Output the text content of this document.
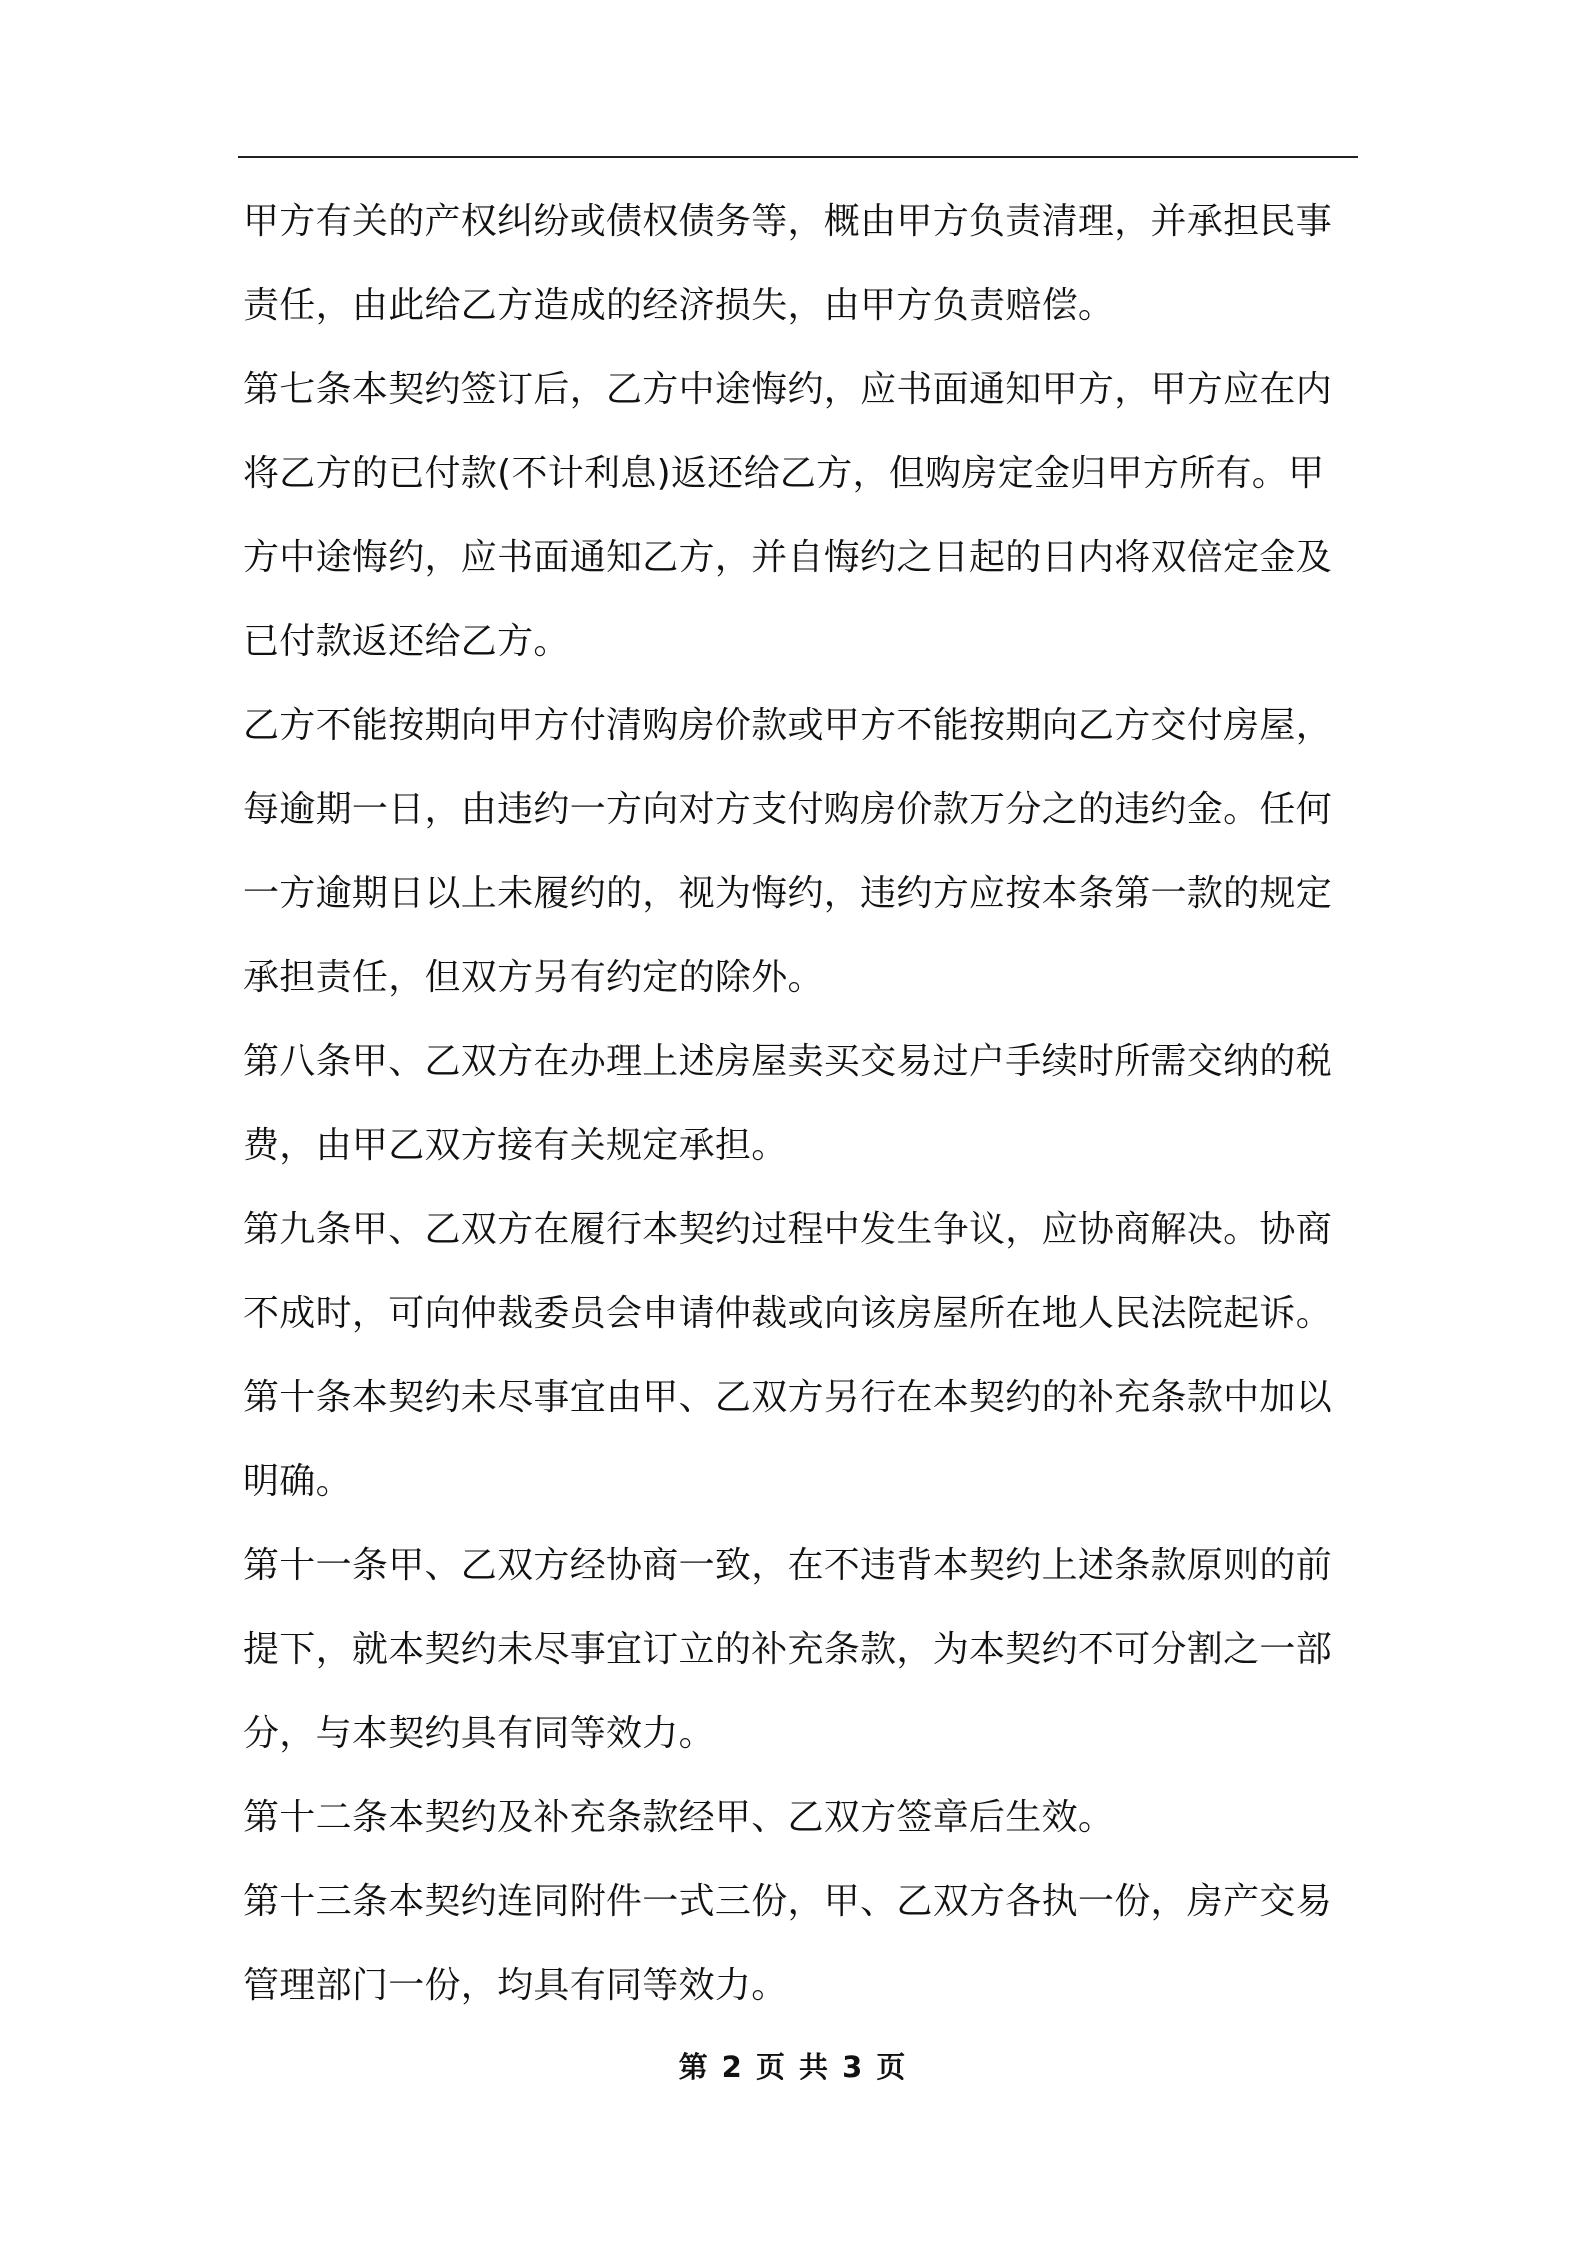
甲方有关的产权纠纷或债权债务等，概由甲方负责清理，并承担民事
责任，由此给乙方造成的经济损失，由甲方负责赔偿。
第七条本契约签订后，乙方中途悔约，应书面通知甲方，甲方应在内
将乙方的已付款(不计利息)返还给乙方，但购房定金归甲方所有。甲
方中途悔约，应书面通知乙方，并自悔约之日起的日内将双倍定金及
已付款返还给乙方。
乙方不能按期向甲方付清购房价款或甲方不能按期向乙方交付房屋，
每逾期一日，由违约一方向对方支付购房价款万分之的违约金。任何
一方逾期日以上未履约的，视为悔约，违约方应按本条第一款的规定
承担责任，但双方另有约定的除外。
第八条甲、乙双方在办理上述房屋卖买交易过户手续时所需交纳的税
费，由甲乙双方接有关规定承担。
第九条甲、乙双方在履行本契约过程中发生争议，应协商解决。协商
不成时，可向仲裁委员会申请仲裁或向该房屋所在地人民法院起诉。
第十条本契约未尽事宜由甲、乙双方另行在本契约的补充条款中加以
明确。
第十一条甲、乙双方经协商一致，在不违背本契约上述条款原则的前
提下，就本契约未尽事宜订立的补充条款，为本契约不可分割之一部
分，与本契约具有同等效力。
第十二条本契约及补充条款经甲、乙双方签章后生效。
第十三条本契约连同附件一式三份，甲、乙双方各执一份，房产交易
管理部门一份，均具有同等效力。
第 2 页 共 3 页
